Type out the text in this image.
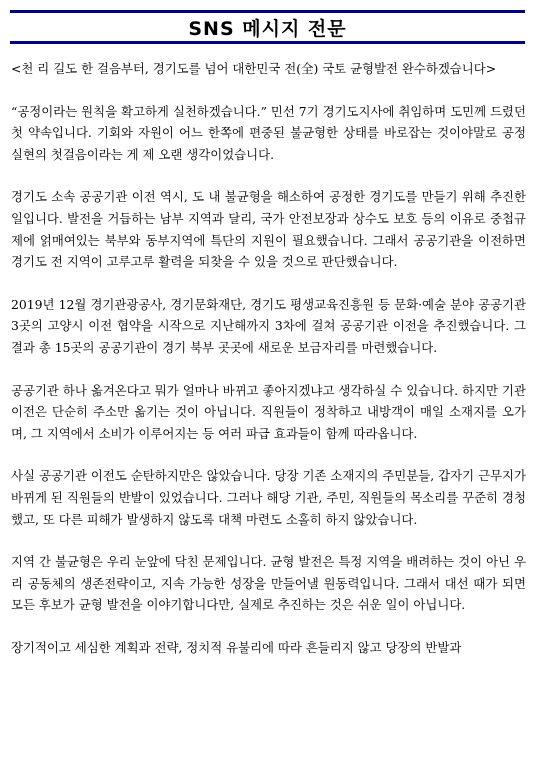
SNS 메시지 전문

<천 리 길도 한 걸음부터, 경기도를 넘어 대한민국 전(全) 국토 균형발전 완수하겠습니다>

“공정이라는 원칙을 확고하게 실천하겠습니다.” 민선 7기 경기도지사에 취임하며 도민께 드렸던 첫 약속입니다. 기회와 자원이 어느 한쪽에 편중된 불균형한 상태를 바로잡는 것이야말로 공정 실현의 첫걸음이라는 게 제 오랜 생각이었습니다.

경기도 소속 공공기관 이전 역시, 도 내 불균형을 해소하여 공정한 경기도를 만들기 위해 추진한 일입니다. 발전을 거듭하는 남부 지역과 달리, 국가 안전보장과 상수도 보호 등의 이유로 중첩규제에 얽매여있는 북부와 동부지역에 특단의 지원이 필요했습니다. 그래서 공공기관을 이전하면 경기도 전 지역이 고루고루 활력을 되찾을 수 있을 것으로 판단했습니다.

2019년 12월 경기관광공사, 경기문화재단, 경기도 평생교육진흥원 등 문화·예술 분야 공공기관 3곳의 고양시 이전 협약을 시작으로 지난해까지 3차에 걸쳐 공공기관 이전을 추진했습니다. 그 결과 총 15곳의 공공기관이 경기 북부 곳곳에 새로운 보금자리를 마련했습니다.

공공기관 하나 옮겨온다고 뭐가 얼마나 바뀌고 좋아지겠냐고 생각하실 수 있습니다. 하지만 기관 이전은 단순히 주소만 옮기는 것이 아닙니다. 직원들이 정착하고 내방객이 매일 소재지를 오가며, 그 지역에서 소비가 이루어지는 등 여러 파급 효과들이 함께 따라옵니다.

사실 공공기관 이전도 순탄하지만은 않았습니다. 당장 기존 소재지의 주민분들, 갑자기 근무지가 바뀌게 된 직원들의 반발이 있었습니다. 그러나 해당 기관, 주민, 직원들의 목소리를 꾸준히 경청했고, 또 다른 피해가 발생하지 않도록 대책 마련도 소홀히 하지 않았습니다.

지역 간 불균형은 우리 눈앞에 닥친 문제입니다. 균형 발전은 특정 지역을 배려하는 것이 아닌 우리 공동체의 생존전략이고, 지속 가능한 성장을 만들어낼 원동력입니다. 그래서 대선 때가 되면 모든 후보가 균형 발전을 이야기합니다만, 실제로 추진하는 것은 쉬운 일이 아닙니다.

장기적이고 세심한 계획과 전략, 정치적 유불리에 따라 흔들리지 않고 당장의 반발과
